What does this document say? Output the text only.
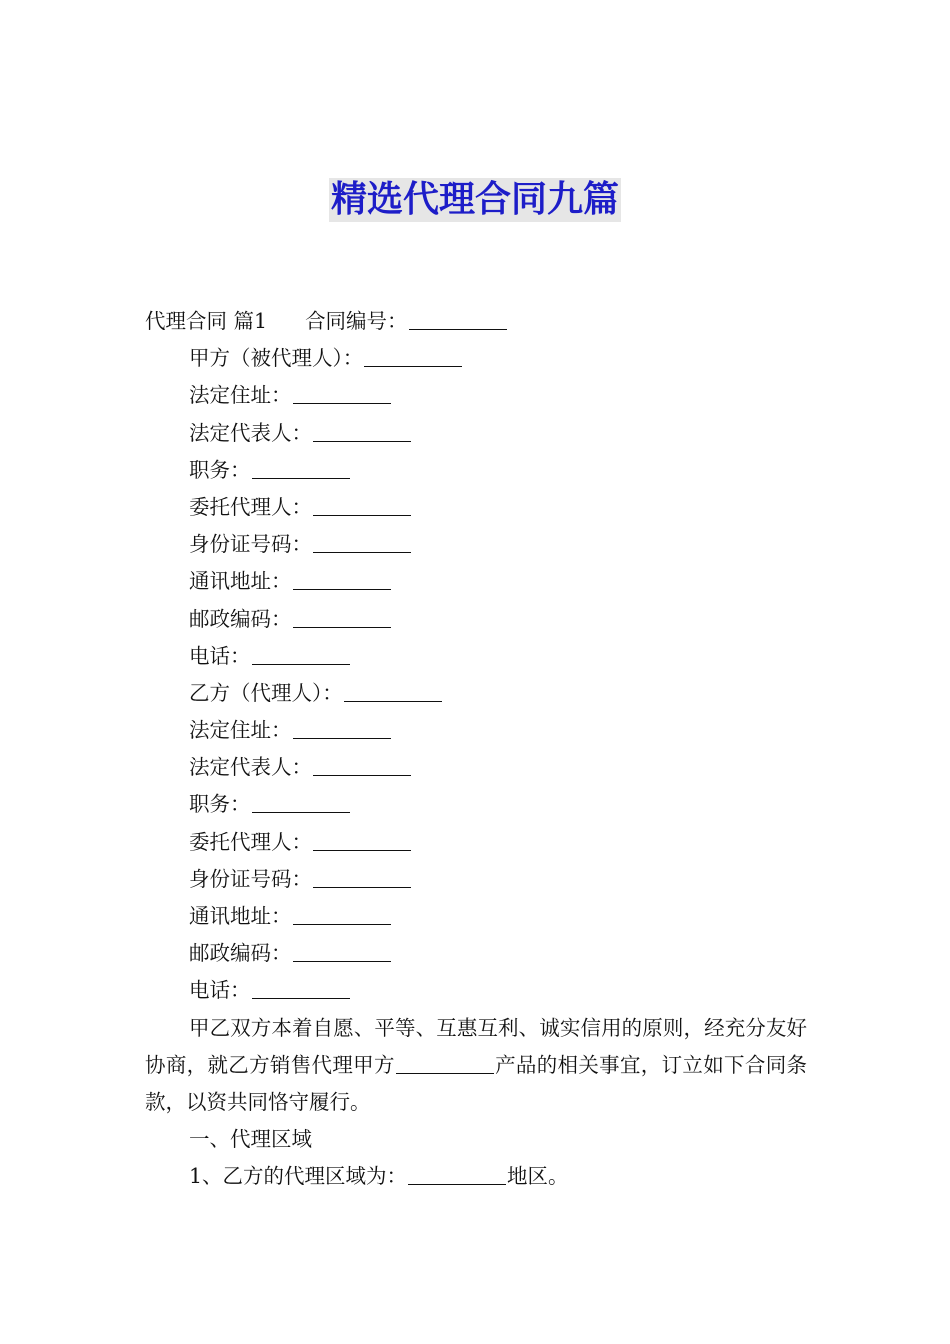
精选代理合同九篇
代理合同 篇1 合同编号：
甲方（被代理人）：
法定住址：
法定代表人：
职务：
委托代理人：
身份证号码：
通讯地址：
邮政编码：
电话：
乙方（代理人）：
法定住址：
法定代表人：
职务：
委托代理人：
身份证号码：
通讯地址：
邮政编码：
电话：
甲乙双方本着自愿、平等、互惠互利、诚实信用的原则，经充分友好协商，就乙方销售代理甲方	产品的相关事宜，订立如下合同条款，以资共同恪守履行。
一、代理区域
1、乙方的代理区域为：	地区。
